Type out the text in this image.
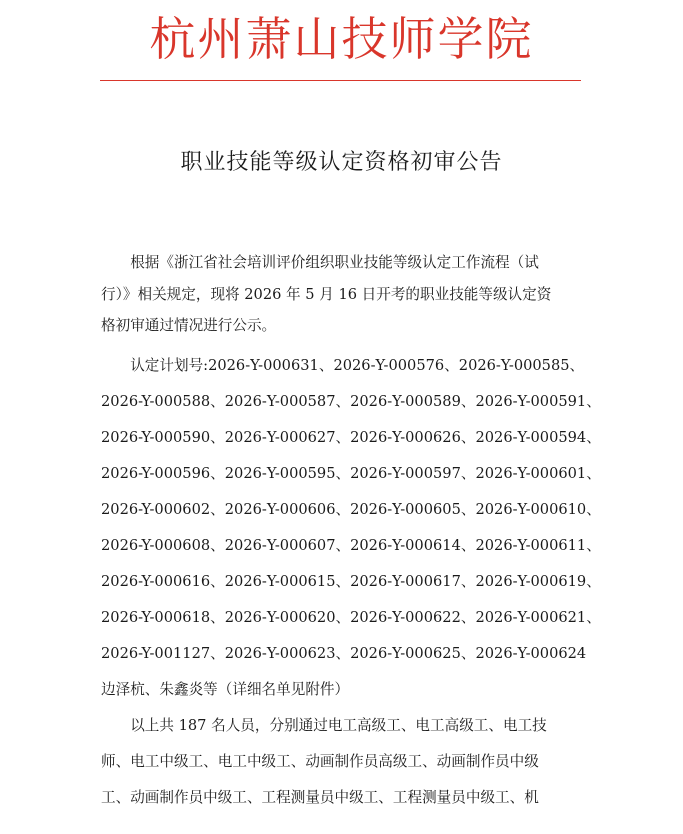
杭州萧山技师学院
职业技能等级认定资格初审公告

根据《浙江省社会培训评价组织职业技能等级认定工作流程（试
行）》相关规定，现将 2026 年 5 月 16 日开考的职业技能等级认定资
格初审通过情况进行公示。

认定计划号:2026-Y-000631、2026-Y-000576、2026-Y-000585、
2026-Y-000588、2026-Y-000587、2026-Y-000589、2026-Y-000591、
2026-Y-000590、2026-Y-000627、2026-Y-000626、2026-Y-000594、
2026-Y-000596、2026-Y-000595、2026-Y-000597、2026-Y-000601、
2026-Y-000602、2026-Y-000606、2026-Y-000605、2026-Y-000610、
2026-Y-000608、2026-Y-000607、2026-Y-000614、2026-Y-000611、
2026-Y-000616、2026-Y-000615、2026-Y-000617、2026-Y-000619、
2026-Y-000618、2026-Y-000620、2026-Y-000622、2026-Y-000621、
2026-Y-001127、2026-Y-000623、2026-Y-000625、2026-Y-000624
边泽杭、朱鑫炎等（详细名单见附件）

以上共 187 名人员，分别通过电工高级工、电工高级工、电工技
师、电工中级工、电工中级工、动画制作员高级工、动画制作员中级
工、动画制作员中级工、工程测量员中级工、工程测量员中级工、机
